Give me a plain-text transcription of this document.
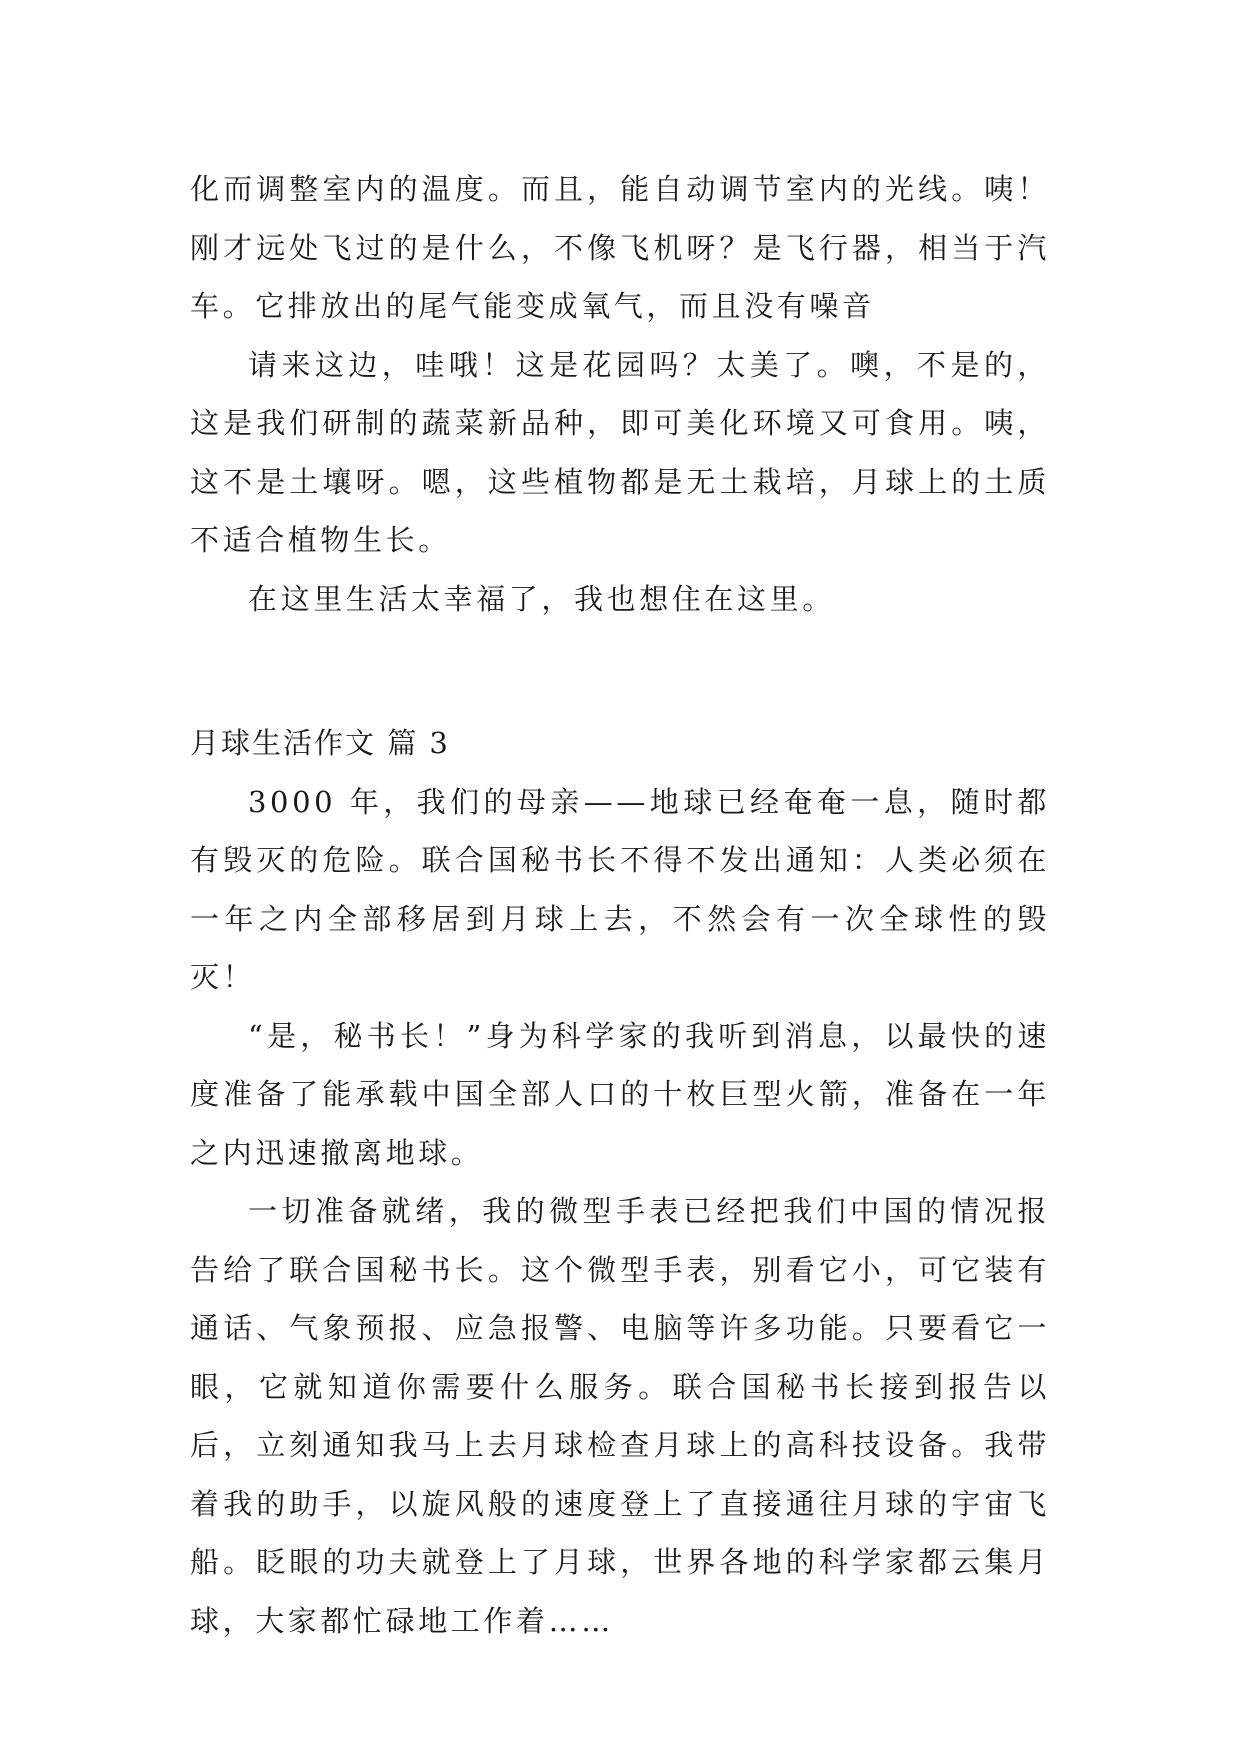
化而调整室内的温度。而且，能自动调节室内的光线。咦！刚才远处飞过的是什么，不像飞机呀？是飞行器，相当于汽车。它排放出的尾气能变成氧气，而且没有噪音

请来这边，哇哦！这是花园吗？太美了。噢，不是的，这是我们研制的蔬菜新品种，即可美化环境又可食用。咦，这不是土壤呀。嗯，这些植物都是无土栽培，月球上的土质不适合植物生长。

在这里生活太幸福了，我也想住在这里。

月球生活作文 篇 3

3000 年，我们的母亲——地球已经奄奄一息，随时都有毁灭的危险。联合国秘书长不得不发出通知：人类必须在一年之内全部移居到月球上去，不然会有一次全球性的毁灭！

“是，秘书长！”身为科学家的我听到消息，以最快的速度准备了能承载中国全部人口的十枚巨型火箭，准备在一年之内迅速撤离地球。

一切准备就绪，我的微型手表已经把我们中国的情况报告给了联合国秘书长。这个微型手表，别看它小，可它装有通话、气象预报、应急报警、电脑等许多功能。只要看它一眼，它就知道你需要什么服务。联合国秘书长接到报告以后，立刻通知我马上去月球检查月球上的高科技设备。我带着我的助手，以旋风般的速度登上了直接通往月球的宇宙飞船。眨眼的功夫就登上了月球，世界各地的科学家都云集月球，大家都忙碌地工作着……
